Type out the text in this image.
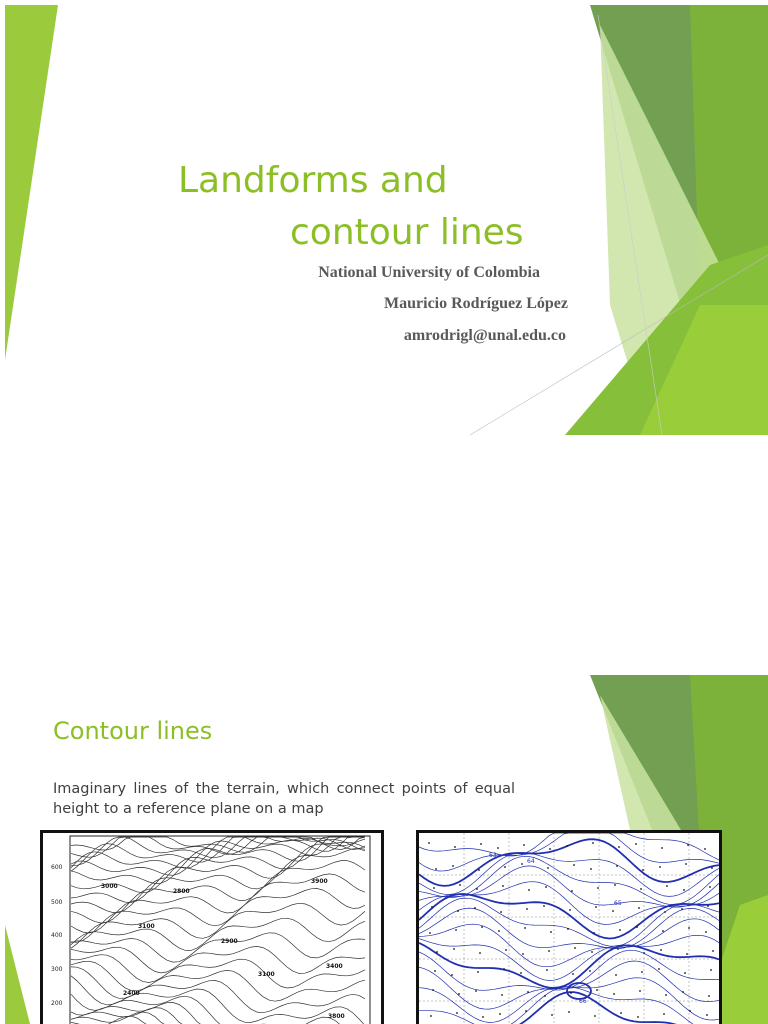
Landforms and
contour lines

National University of Colombia

Mauricio Rodríguez López

amrodrigl@unal.edu.co

Contour lines

Imaginary lines of the terrain, which connect points of equal height to a reference plane on a map

600
500
400
300
200
3000
2800
3100
3900
2900
2400
3100
3400
3800
63
64
65
66
